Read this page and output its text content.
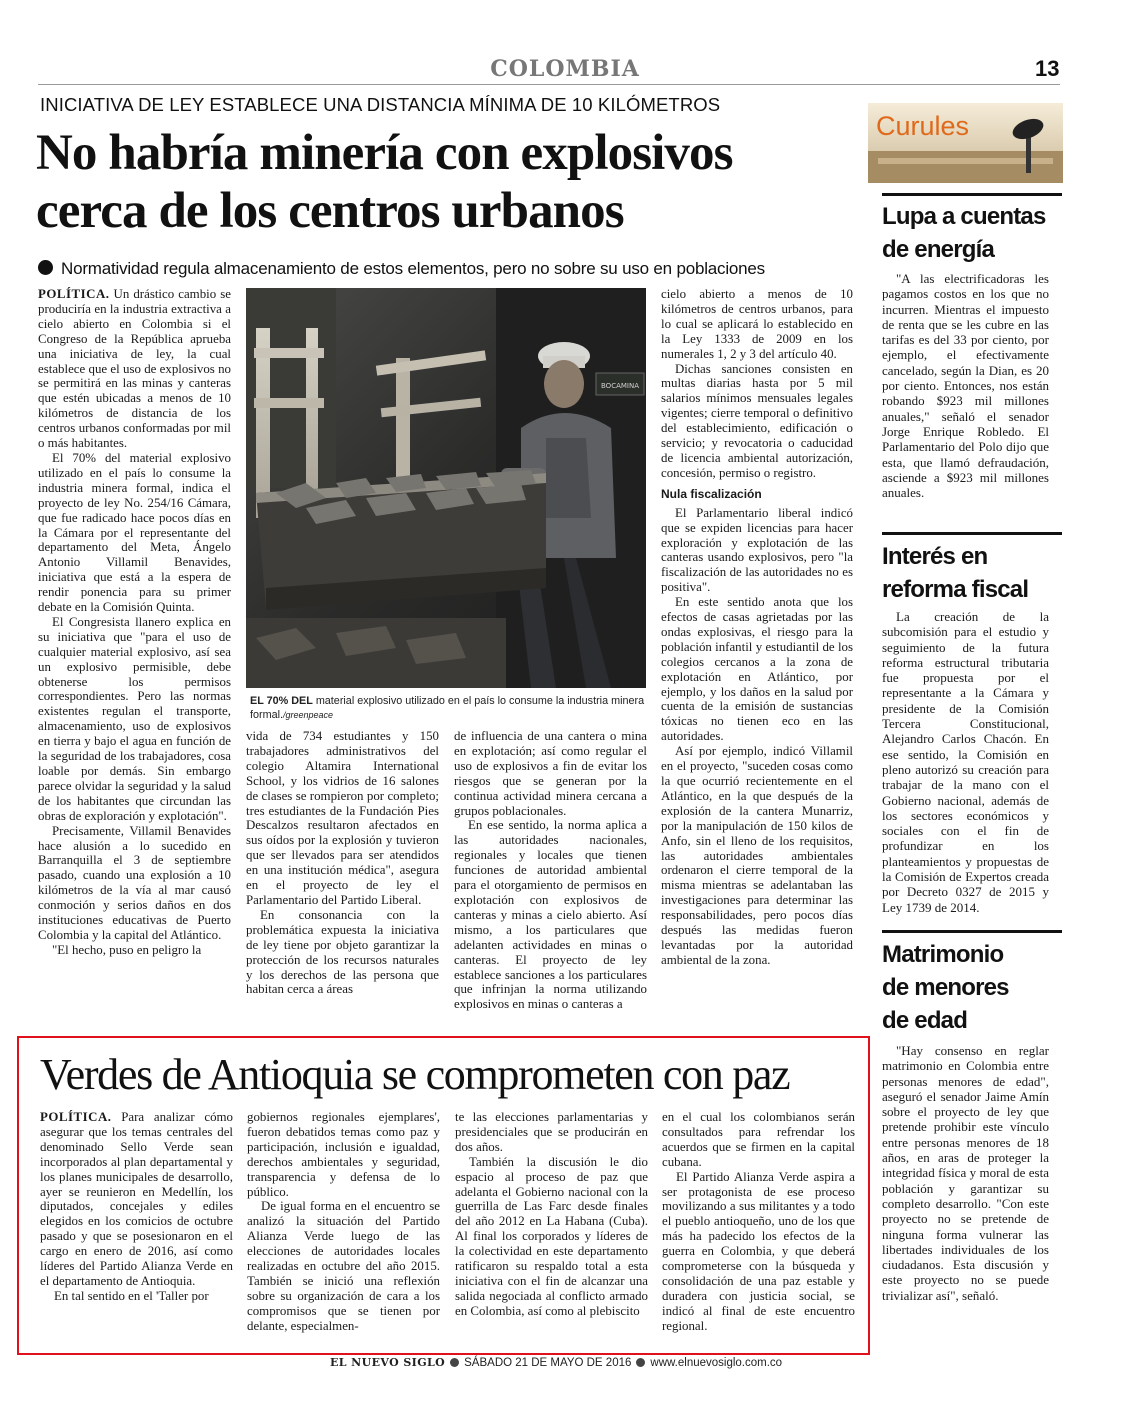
COLOMBIA	13
INICIATIVA DE LEY ESTABLECE UNA DISTANCIA MÍNIMA DE 10 KILÓMETROS
No habría minería con explosivos
cerca de los centros urbanos
Normatividad regula almacenamiento de estos elementos, pero no sobre su uso en poblaciones

POLÍTICA. Un drástico cambio se produciría en la industria extractiva a cielo abierto en Colombia si el Congreso de la República aprueba una iniciativa de ley, la cual establece que el uso de explosivos no se permitirá en las minas y canteras que estén ubicadas a menos de 10 kilómetros de distancia de los centros urbanos conformadas por mil o más habitantes.

El 70% del material explosivo utilizado en el país lo consume la industria minera formal, indica el proyecto de ley No. 254/16 Cámara, que fue radicado hace pocos días en la Cámara por el representante del departamento del Meta, Ángelo Antonio Villamil Benavides, iniciativa que está a la espera de rendir ponencia para su primer debate en la Comisión Quinta.

El Congresista llanero explica en su iniciativa que "para el uso de cualquier material explosivo, así sea un explosivo permisible, debe obtenerse los permisos correspondientes. Pero las normas existentes regulan el transporte, almacenamiento, uso de explosivos en tierra y bajo el agua en función de la seguridad de los trabajadores, cosa loable por demás. Sin embargo parece olvidar la seguridad y la salud de los habitantes que circundan las obras de exploración y explotación".

Precisamente, Villamil Benavides hace alusión a lo sucedido en Barranquilla el 3 de septiembre pasado, cuando una explosión a 10 kilómetros de la vía al mar causó conmoción y serios daños en dos instituciones educativas de Puerto Colombia y la capital del Atlántico.

"El hecho, puso en peligro la

BOCAMINA
EL 70% DEL material explosivo utilizado en el país lo consume la industria minera formal./greenpeace

vida de 734 estudiantes y 150 trabajadores administrativos del colegio Altamira International School, y los vidrios de 16 salones de clases se rompieron por completo; tres estudiantes de la Fundación Pies Descalzos resultaron afectados en sus oídos por la explosión y tuvieron que ser llevados para ser atendidos en una institución médica", asegura en el proyecto de ley el Parlamentario del Partido Liberal.

En consonancia con la problemática expuesta la iniciativa de ley tiene por objeto garantizar la protección de los recursos naturales y los derechos de las persona que habitan cerca a áreas

de influencia de una cantera o mina en explotación; así como regular el uso de explosivos a fin de evitar los riesgos que se generan por la continua actividad minera cercana a grupos poblacionales.

En ese sentido, la norma aplica a las autoridades nacionales, regionales y locales que tienen funciones de autoridad ambiental para el otorgamiento de permisos en explotación con explosivos de canteras y minas a cielo abierto. Así mismo, a los particulares que adelanten actividades en minas o canteras. El proyecto de ley establece sanciones a los particulares que infrinjan la norma utilizando explosivos en minas o canteras a

cielo abierto a menos de 10 kilómetros de centros urbanos, para lo cual se aplicará lo establecido en la Ley 1333 de 2009 en los numerales 1, 2 y 3 del artículo 40.

Dichas sanciones consisten en multas diarias hasta por 5 mil salarios mínimos mensuales legales vigentes; cierre temporal o definitivo del establecimiento, edificación o servicio; y revocatoria o caducidad de licencia ambiental autorización, concesión, permiso o registro.

Nula fiscalización

El Parlamentario liberal indicó que se expiden licencias para hacer exploración y explotación de las canteras usando explosivos, pero "la fiscalización de las autoridades no es positiva".

En este sentido anota que los efectos de casas agrietadas por las ondas explosivas, el riesgo para la población infantil y estudiantil de los colegios cercanos a la zona de explotación en Atlántico, por ejemplo, y los daños en la salud por cuenta de la emisión de sustancias tóxicas no tienen eco en las autoridades.

Así por ejemplo, indicó Villamil en el proyecto, "suceden cosas como la que ocurrió recientemente en el Atlántico, en la que después de la explosión de la cantera Munarriz, por la manipulación de 150 kilos de Anfo, sin el lleno de los requisitos, las autoridades ambientales ordenaron el cierre temporal de la misma mientras se adelantaban las investigaciones para determinar las responsabilidades, pero pocos días después las medidas fueron levantadas por la autoridad ambiental de la zona.

Curules
Lupa a cuentas
de energía

"A las electrificadoras les pagamos costos en los que no incurren. Mientras el impuesto de renta que se les cubre en las tarifas es del 33 por ciento, por ejemplo, el efectivamente cancelado, según la Dian, es 20 por ciento. Entonces, nos están robando $923 mil millones anuales," señaló el senador Jorge Enrique Robledo. El Parlamentario del Polo dijo que esta, que llamó defraudación, asciende a $923 mil millones anuales.

Interés en
reforma fiscal

La creación de la subcomisión para el estudio y seguimiento de la futura reforma estructural tributaria fue propuesta por el representante a la Cámara y presidente de la Comisión Tercera Constitucional, Alejandro Carlos Chacón. En ese sentido, la Comisión en pleno autorizó su creación para trabajar de la mano con el Gobierno nacional, además de los sectores económicos y sociales con el fin de profundizar en los planteamientos y propuestas de la Comisión de Expertos creada por Decreto 0327 de 2015 y Ley 1739 de 2014.

Matrimonio
de menores
de edad

"Hay consenso en reglar matrimonio en Colombia entre personas menores de edad", aseguró el senador Jaime Amín sobre el proyecto de ley que pretende prohibir este vínculo entre personas menores de 18 años, en aras de proteger la integridad física y moral de esta población y garantizar su completo desarrollo. "Con este proyecto no se pretende de ninguna forma vulnerar las libertades individuales de los ciudadanos. Esta discusión y este proyecto no se puede trivializar así", señaló.

Verdes de Antioquia se comprometen con paz

POLÍTICA. Para analizar cómo asegurar que los temas centrales del denominado Sello Verde sean incorporados al plan departamental y los planes municipales de desarrollo, ayer se reunieron en Medellín, los diputados, concejales y ediles elegidos en los comicios de octubre pasado y que se posesionaron en el cargo en enero de 2016, así como líderes del Partido Alianza Verde en el departamento de Antioquia.

En tal sentido en el 'Taller por

gobiernos regionales ejemplares', fueron debatidos temas como paz y participación, inclusión e igualdad, derechos ambientales y seguridad, transparencia y defensa de lo público.

De igual forma en el encuentro se analizó la situación del Partido Alianza Verde luego de las elecciones de autoridades locales realizadas en octubre del año 2015. También se inició una reflexión sobre su organización de cara a los compromisos que se tienen por delante, especialmen-

te las elecciones parlamentarias y presidenciales que se producirán en dos años.

También la discusión le dio espacio al proceso de paz que adelanta el Gobierno nacional con la guerrilla de Las Farc desde finales del año 2012 en La Habana (Cuba). Al final los corporados y líderes de la colectividad en este departamento ratificaron su respaldo total a esta iniciativa con el fin de alcanzar una salida negociada al conflicto armado en Colombia, así como al plebiscito

en el cual los colombianos serán consultados para refrendar los acuerdos que se firmen en la capital cubana.

El Partido Alianza Verde aspira a ser protagonista de ese proceso movilizando a sus militantes y a todo el pueblo antioqueño, uno de los que más ha padecido los efectos de la guerra en Colombia, y que deberá comprometerse con la búsqueda y consolidación de una paz estable y duradera con justicia social, se indicó al final de este encuentro regional.

EL NUEVO SIGLO SÁBADO 21 DE MAYO DE 2016 www.elnuevosiglo.com.co
